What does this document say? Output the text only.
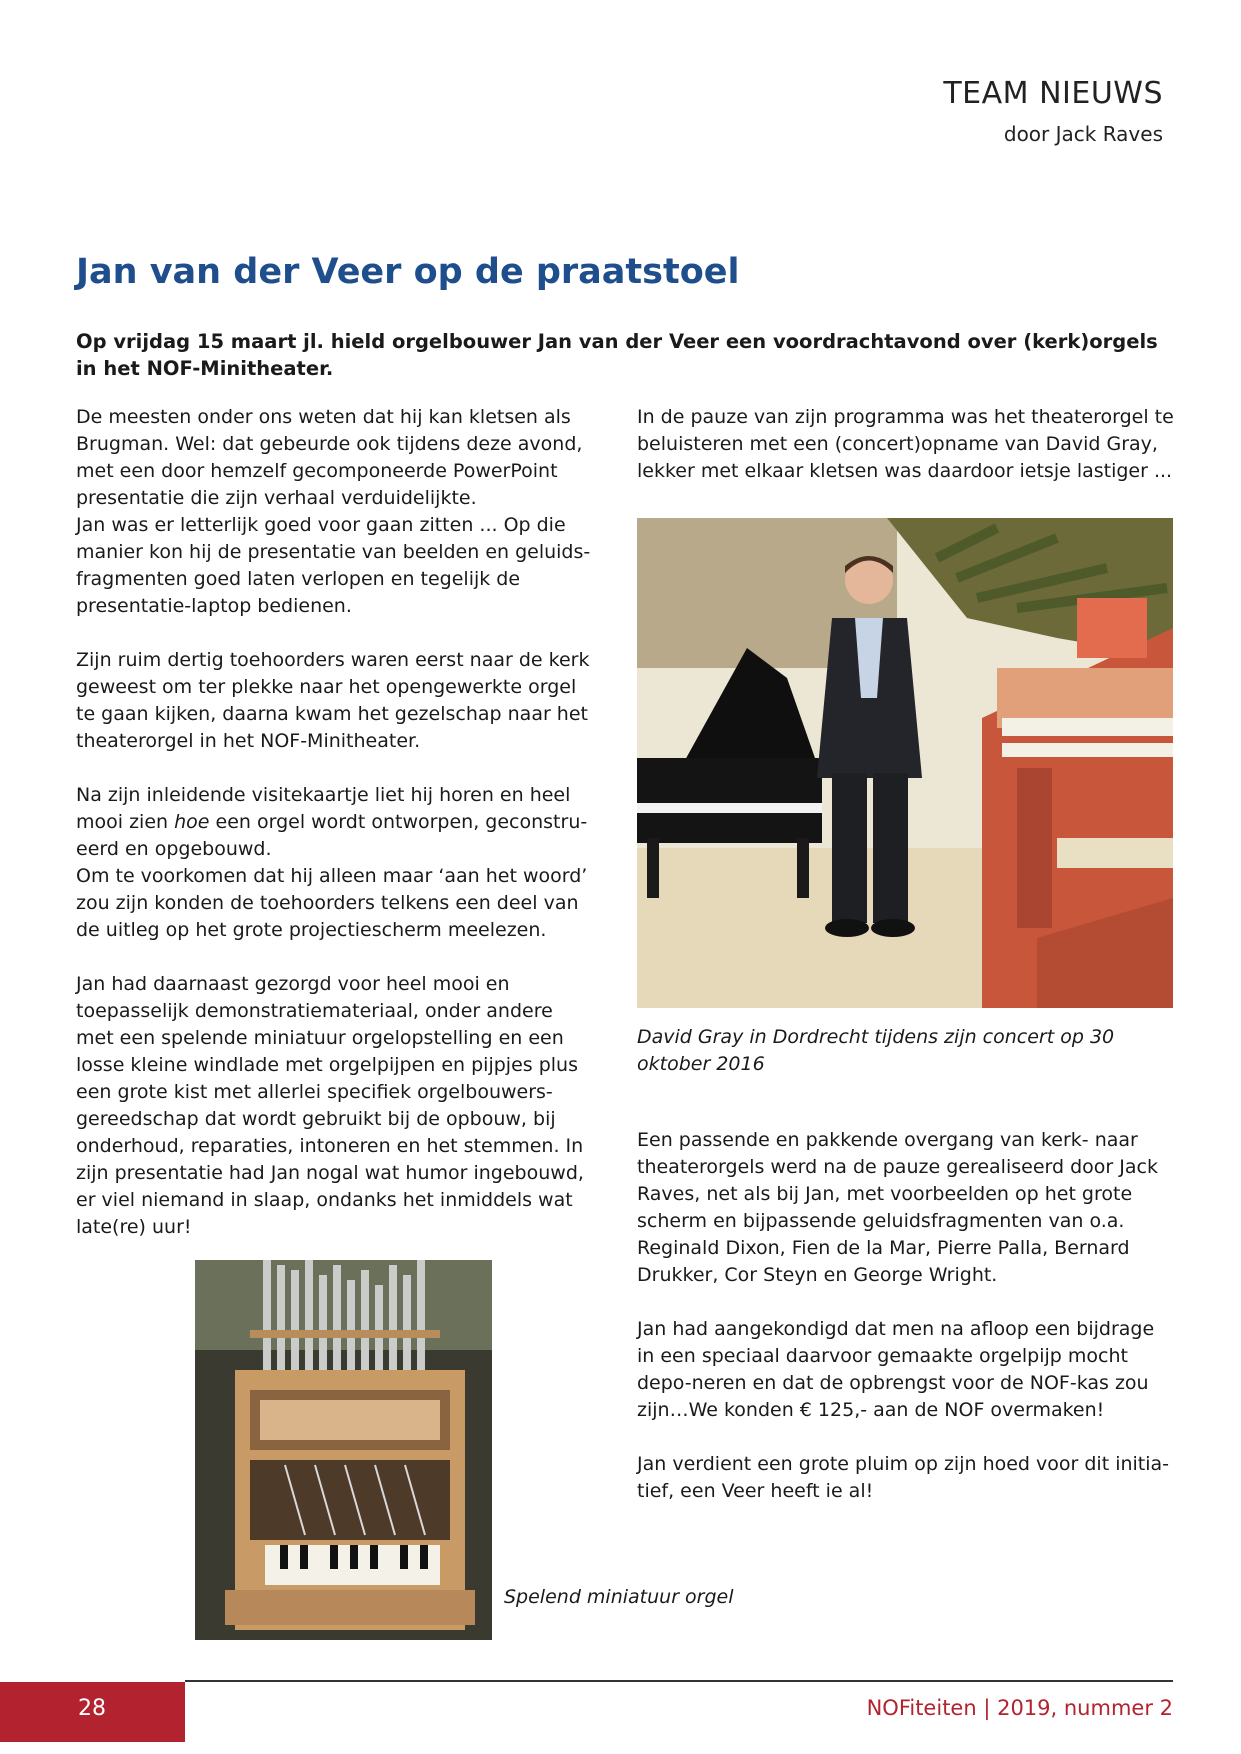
TEAM NIEUWS
door Jack Raves
Jan van der Veer op de praatstoel

Op vrijdag 15 maart jl. hield orgelbouwer Jan van der Veer een voordrachtavond over (kerk)orgels in het NOF-Minitheater.

De meesten onder ons weten dat hij kan kletsen als Brugman. Wel: dat gebeurde ook tijdens deze avond, met een door hemzelf gecomponeerde PowerPoint presentatie die zijn verhaal verduidelijkte.
Jan was er letterlijk goed voor gaan zitten ... Op die manier kon hij de presentatie van beelden en geluids-fragmenten goed laten verlopen en tegelijk de presentatie-laptop bedienen.

Zijn ruim dertig toehoorders waren eerst naar de kerk geweest om ter plekke naar het opengewerkte orgel te gaan kijken, daarna kwam het gezelschap naar het theaterorgel in het NOF-Minitheater.

Na zijn inleidende visitekaartje liet hij horen en heel mooi zien hoe een orgel wordt ontworpen, geconstru-eerd en opgebouwd.
Om te voorkomen dat hij alleen maar ‘aan het woord’ zou zijn konden de toehoorders telkens een deel van de uitleg op het grote projectiescherm meelezen.

Jan had daarnaast gezorgd voor heel mooi en toepasselijk demonstratiemateriaal, onder andere met een spelende miniatuur orgelopstelling en een losse kleine windlade met orgelpijpen en pijpjes plus een grote kist met allerlei specifiek orgelbouwers-gereedschap dat wordt gebruikt bij de opbouw, bij onderhoud, reparaties, intoneren en het stemmen. In zijn presentatie had Jan nogal wat humor ingebouwd, er viel niemand in slaap, ondanks het inmiddels wat late(re) uur!

In de pauze van zijn programma was het theaterorgel te beluisteren met een (concert)opname van David Gray, lekker met elkaar kletsen was daardoor ietsje lastiger ...

David Gray in Dordrecht tijdens zijn concert op 30 oktober 2016

Een passende en pakkende overgang van kerk- naar theaterorgels werd na de pauze gerealiseerd door Jack Raves, net als bij Jan, met voorbeelden op het grote scherm en bijpassende geluidsfragmenten van o.a. Reginald Dixon, Fien de la Mar, Pierre Palla, Bernard Drukker, Cor Steyn en George Wright.

Jan had aangekondigd dat men na afloop een bijdrage in een speciaal daarvoor gemaakte orgelpijp mocht depo-neren en dat de opbrengst voor de NOF-kas zou zijn…We konden € 125,- aan de NOF overmaken!

Jan verdient een grote pluim op zijn hoed voor dit initia-tief, een Veer heeft ie al!

Spelend miniatuur orgel
28	NOFiteiten | 2019, nummer 2
